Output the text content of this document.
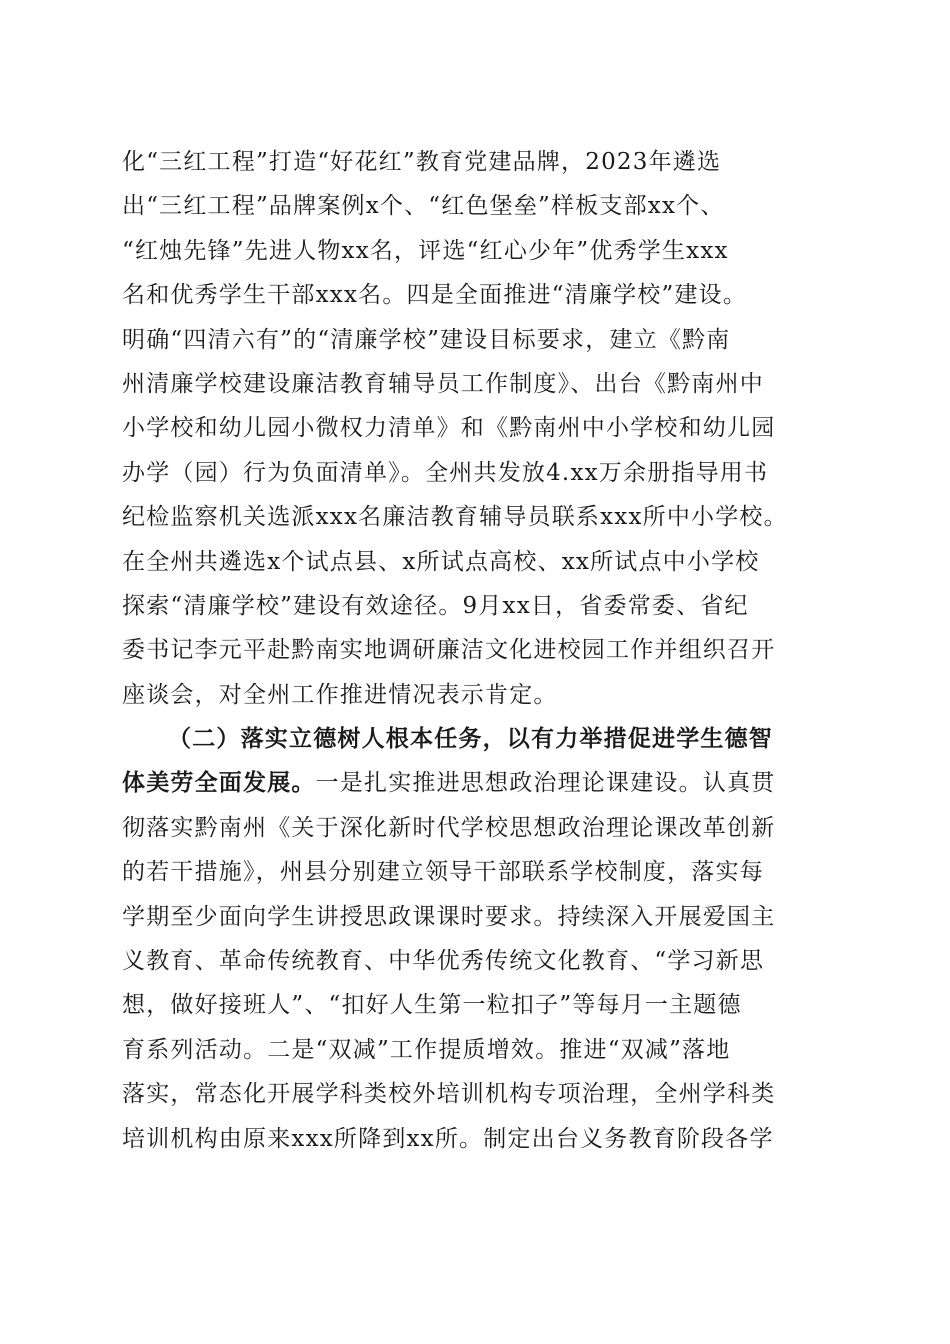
化“三红工程”打造“好花红”教育党建品牌，2023年遴选
出“三红工程”品牌案例x个、“红色堡垒”样板支部xx个、
“红烛先锋”先进人物xx名，评选“红心少年”优秀学生xxx
名和优秀学生干部xxx名。四是全面推进“清廉学校”建设。
明确“四清六有”的“清廉学校”建设目标要求，建立《黔南
州清廉学校建设廉洁教育辅导员工作制度》、出台《黔南州中
小学校和幼儿园小微权力清单》和《黔南州中小学校和幼儿园
办学（园）行为负面清单》。全州共发放4.xx万余册指导用书
纪检监察机关选派xxx名廉洁教育辅导员联系xxx所中小学校。
在全州共遴选x个试点县、x所试点高校、xx所试点中小学校
探索“清廉学校”建设有效途径。9月xx日，省委常委、省纪
委书记李元平赴黔南实地调研廉洁文化进校园工作并组织召开
座谈会，对全州工作推进情况表示肯定。
（二）落实立德树人根本任务，以有力举措促进学生德智
体美劳全面发展。一是扎实推进思想政治理论课建设。认真贯
彻落实黔南州《关于深化新时代学校思想政治理论课改革创新
的若干措施》，州县分别建立领导干部联系学校制度，落实每
学期至少面向学生讲授思政课课时要求。持续深入开展爱国主
义教育、革命传统教育、中华优秀传统文化教育、“学习新思
想，做好接班人”、“扣好人生第一粒扣子”等每月一主题德
育系列活动。二是“双减”工作提质增效。推进“双减”落地
落实，常态化开展学科类校外培训机构专项治理，全州学科类
培训机构由原来xxx所降到xx所。制定出台义务教育阶段各学
